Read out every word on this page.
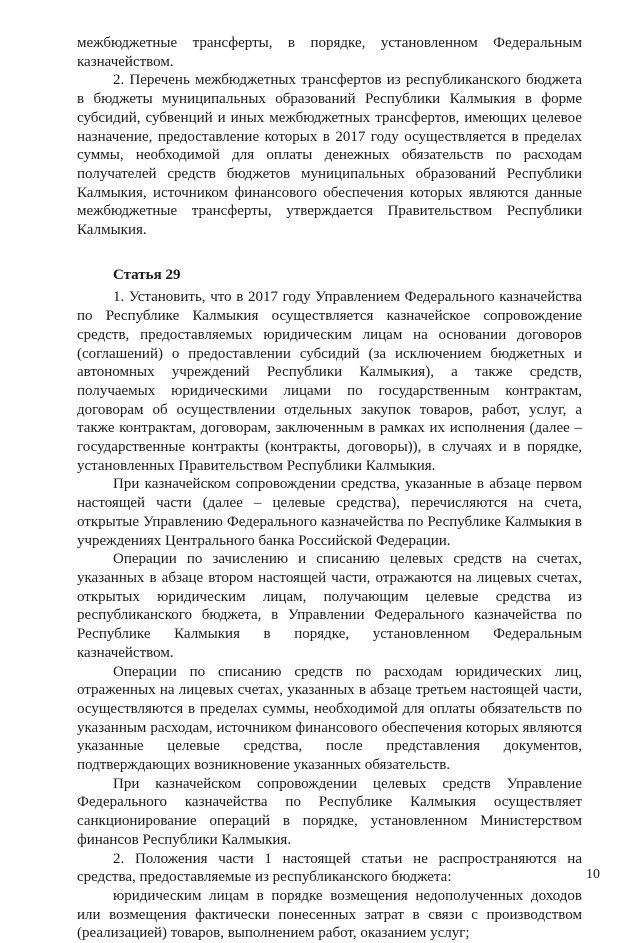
межбюджетные трансферты, в порядке, установленном Федеральным казначейством.

2. Перечень межбюджетных трансфертов из республиканского бюджета в бюджеты муниципальных образований Республики Калмыкия в форме субсидий, субвенций и иных межбюджетных трансфертов, имеющих целевое назначение, предоставление которых в 2017 году осуществляется в пределах суммы, необходимой для оплаты денежных обязательств по расходам получателей средств бюджетов муниципальных образований Республики Калмыкия, источником финансового обеспечения которых являются данные межбюджетные трансферты, утверждается Правительством Республики Калмыкия.

Статья 29

1. Установить, что в 2017 году Управлением Федерального казначейства по Республике Калмыкия осуществляется казначейское сопровождение средств, предоставляемых юридическим лицам на основании договоров (соглашений) о предоставлении субсидий (за исключением бюджетных и автономных учреждений Республики Калмыкия), а также средств, получаемых юридическими лицами по государственным контрактам, договорам об осуществлении отдельных закупок товаров, работ, услуг, а также контрактам, договорам, заключенным в рамках их исполнения (далее – государственные контракты (контракты, договоры)), в случаях и в порядке, установленных Правительством Республики Калмыкия.

При казначейском сопровождении средства, указанные в абзаце первом настоящей части (далее – целевые средства), перечисляются на счета, открытые Управлению Федерального казначейства по Республике Калмыкия в учреждениях Центрального банка Российской Федерации.

Операции по зачислению и списанию целевых средств на счетах, указанных в абзаце втором настоящей части, отражаются на лицевых счетах, открытых юридическим лицам, получающим целевые средства из республиканского бюджета, в Управлении Федерального казначейства по Республике Калмыкия в порядке, установленном Федеральным казначейством.

Операции по списанию средств по расходам юридических лиц, отраженных на лицевых счетах, указанных в абзаце третьем настоящей части, осуществляются в пределах суммы, необходимой для оплаты обязательств по указанным расходам, источником финансового обеспечения которых являются указанные целевые средства, после представления документов, подтверждающих возникновение указанных обязательств.

При казначейском сопровождении целевых средств Управление Федерального казначейства по Республике Калмыкия осуществляет санкционирование операций в порядке, установленном Министерством финансов Республики Калмыкия.

2. Положения части 1 настоящей статьи не распространяются на средства, предоставляемые из республиканского бюджета:

юридическим лицам в порядке возмещения недополученных доходов или возмещения фактически понесенных затрат в связи с производством (реализацией) товаров, выполнением работ, оказанием услуг;

10
